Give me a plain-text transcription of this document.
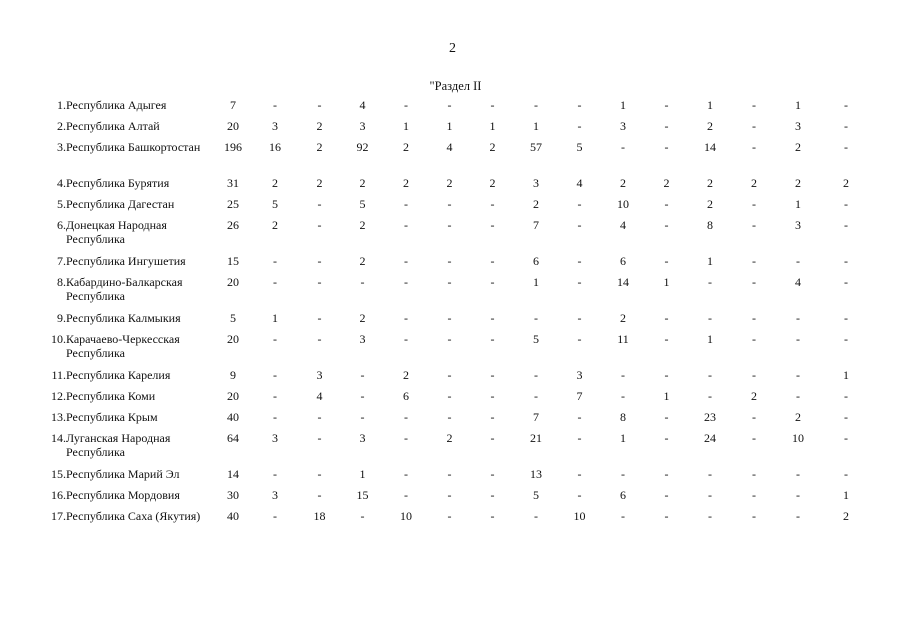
2
"Раздел II
1.	Республика Адыгея	7	-	-	4	-	-	-	-	-	1	-	1	-	1	-
2.	Республика Алтай	20	3	2	3	1	1	1	1	-	3	-	2	-	3	-
3.	Республика Башкортостан	196	16	2	92	2	4	2	57	5	-	-	14	-	2	-
4.	Республика Бурятия	31	2	2	2	2	2	2	3	4	2	2	2	2	2	2
5.	Республика Дагестан	25	5	-	5	-	-	-	2	-	10	-	2	-	1	-
6.	Донецкая Народная Республика	26	2	-	2	-	-	-	7	-	4	-	8	-	3	-
7.	Республика Ингушетия	15	-	-	2	-	-	-	6	-	6	-	1	-	-	-
8.	Кабардино-Балкарская Республика	20	-	-	-	-	-	-	1	-	14	1	-	-	4	-
9.	Республика Калмыкия	5	1	-	2	-	-	-	-	-	2	-	-	-	-	-
10.	Карачаево-Черкесская Республика	20	-	-	3	-	-	-	5	-	11	-	1	-	-	-
11.	Республика Карелия	9	-	3	-	2	-	-	-	3	-	-	-	-	-	1
12.	Республика Коми	20	-	4	-	6	-	-	-	7	-	1	-	2	-	-
13.	Республика Крым	40	-	-	-	-	-	-	7	-	8	-	23	-	2	-
14.	Луганская Народная Республика	64	3	-	3	-	2	-	21	-	1	-	24	-	10	-
15.	Республика Марий Эл	14	-	-	1	-	-	-	13	-	-	-	-	-	-	-
16.	Республика Мордовия	30	3	-	15	-	-	-	5	-	6	-	-	-	-	1
17.	Республика Саха (Якутия)	40	-	18	-	10	-	-	-	10	-	-	-	-	-	2
